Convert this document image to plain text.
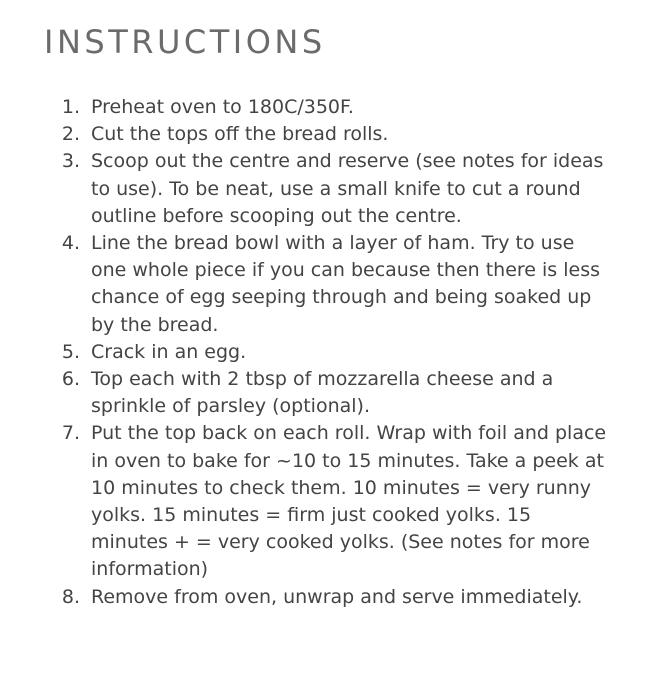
INSTRUCTIONS
1. Preheat oven to 180C/350F.
2. Cut the tops off the bread rolls.
3. Scoop out the centre and reserve (see notes for ideas to use). To be neat, use a small knife to cut a round outline before scooping out the centre.
4. Line the bread bowl with a layer of ham. Try to use one whole piece if you can because then there is less chance of egg seeping through and being soaked up by the bread.
5. Crack in an egg.
6. Top each with 2 tbsp of mozzarella cheese and a sprinkle of parsley (optional).
7. Put the top back on each roll. Wrap with foil and place in oven to bake for ~10 to 15 minutes. Take a peek at 10 minutes to check them. 10 minutes = very runny yolks. 15 minutes = firm just cooked yolks. 15 minutes + = very cooked yolks. (See notes for more information)
8. Remove from oven, unwrap and serve immediately.
